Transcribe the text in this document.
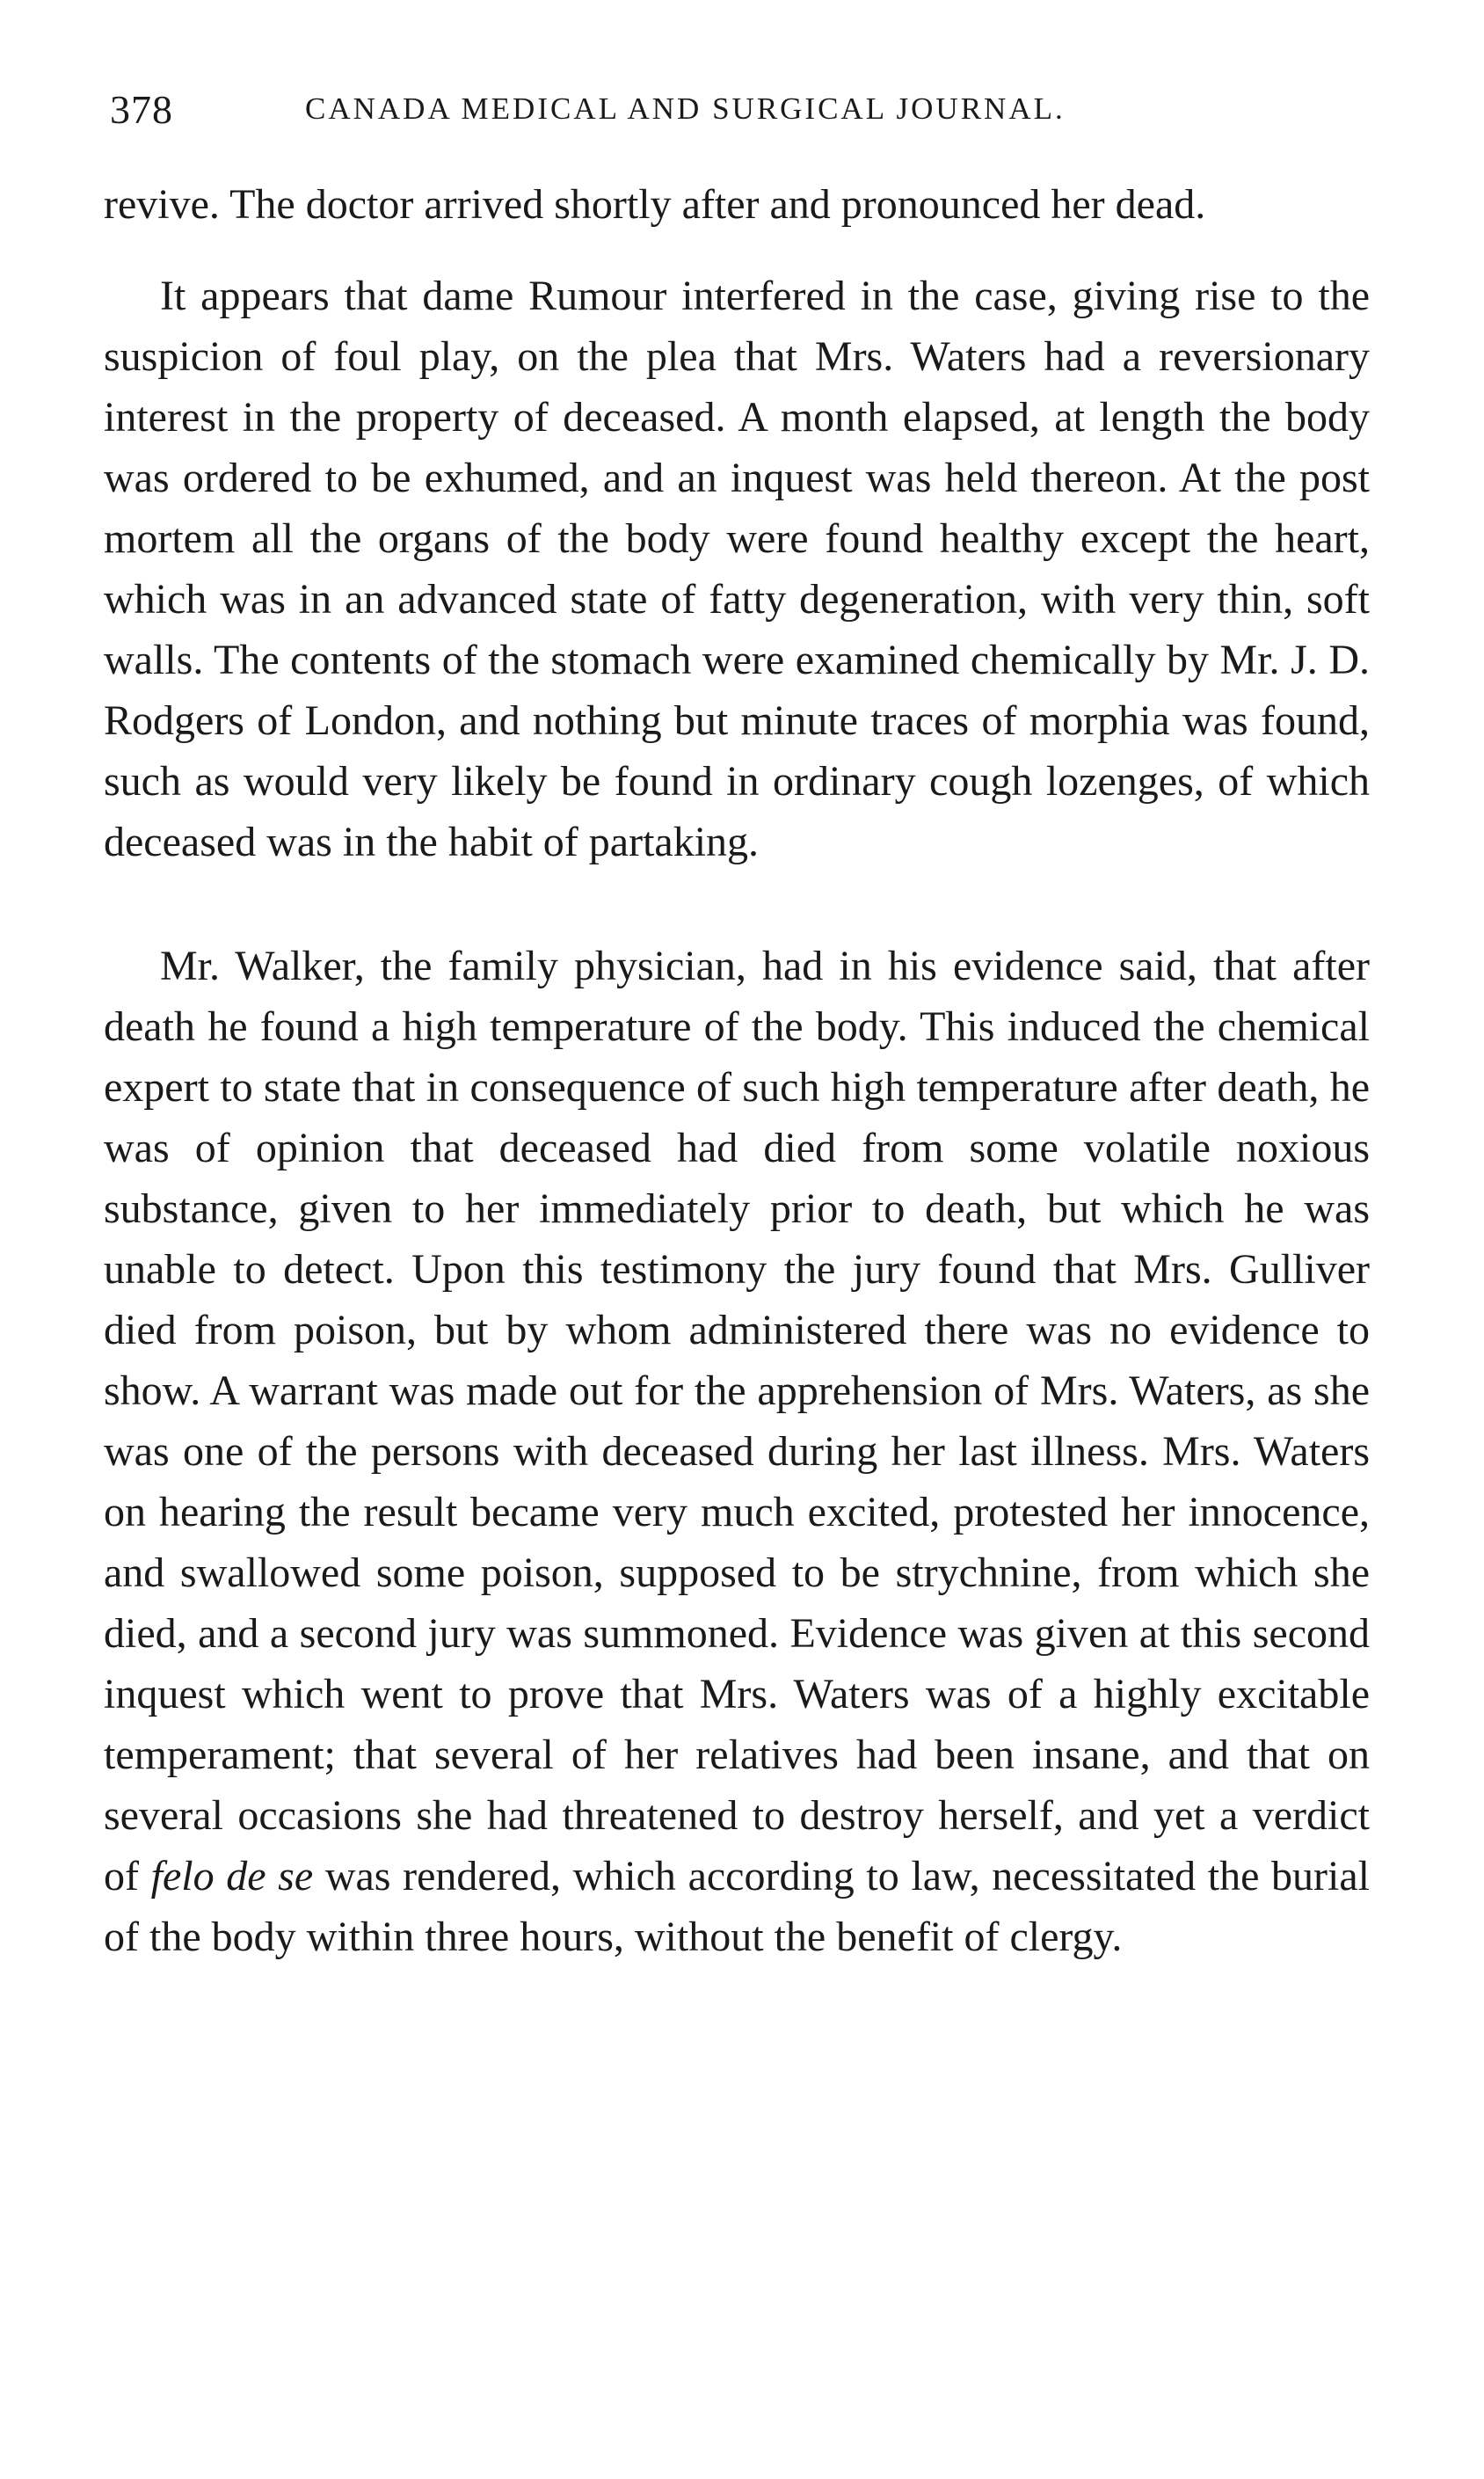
378	CANADA MEDICAL AND SURGICAL JOURNAL.

revive. The doctor arrived shortly after and pronounced her dead.

It appears that dame Rumour interfered in the case, giving rise to the suspicion of foul play, on the plea that Mrs. Waters had a reversionary interest in the property of deceased. A month elapsed, at length the body was ordered to be exhumed, and an inquest was held thereon. At the post mortem all the organs of the body were found healthy except the heart, which was in an advanced state of fatty degeneration, with very thin, soft walls. The contents of the stomach were examined chemically by Mr. J. D. Rodgers of London, and nothing but minute traces of morphia was found, such as would very likely be found in ordinary cough lozenges, of which deceased was in the habit of partaking.

Mr. Walker, the family physician, had in his evidence said, that after death he found a high temperature of the body. This induced the chemical expert to state that in consequence of such high temperature after death, he was of opinion that deceased had died from some volatile noxious substance, given to her immediately prior to death, but which he was unable to detect. Upon this testimony the jury found that Mrs. Gulliver died from poison, but by whom administered there was no evidence to show. A warrant was made out for the apprehension of Mrs. Waters, as she was one of the persons with deceased during her last illness. Mrs. Waters on hearing the result became very much excited, protested her innocence, and swallowed some poison, supposed to be strychnine, from which she died, and a second jury was summoned. Evidence was given at this second inquest which went to prove that Mrs. Waters was of a highly excitable temperament; that several of her relatives had been insane, and that on several occasions she had threatened to destroy herself, and yet a verdict of felo de se was rendered, which according to law, necessitated the burial of the body within three hours, without the benefit of clergy.
